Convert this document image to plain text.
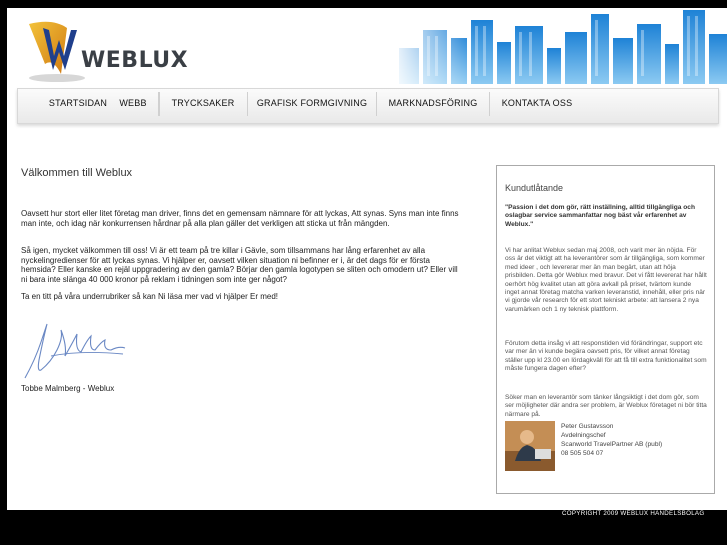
WEBLUX
STARTSIDAN	WEBB	TRYCKSAKER	GRAFISK FORMGIVNING	MARKNADSFÖRING	KONTAKTA OSS
Välkommen till Weblux

Oavsett hur stort eller litet företag man driver, finns det en gemensam nämnare för att lyckas, Att synas. Syns man inte finns man inte, och idag när konkurrensen hårdnar på alla plan gäller det verkligen att sticka ut från mängden.

Så igen, mycket välkommen till oss! Vi är ett team på tre killar i Gävle, som tillsammans har lång erfarenhet av alla nyckelingredienser för att lyckas synas. Vi hjälper er, oavsett vilken situation ni befinner er i, är det dags för er första hemsida? Eller kanske en rejäl uppgradering av den gamla? Börjar den gamla logotypen se sliten och omodern ut? Eller vill ni bara inte slänga 40 000 kronor på reklam i tidningen som inte ger något?

Ta en titt på våra underrubriker så kan Ni läsa mer vad vi hjälper Er med!

Tobbe Malmberg - Weblux
Kundutlåtande

"Passion i det dom gör, rätt inställning, alltid tillgängliga och oslagbar service sammanfattar nog bäst vår erfarenhet av Weblux."

Vi har anlitat Weblux sedan maj 2008, och varit mer än nöjda. För oss är det viktigt att ha leverantörer som är tillgängliga, som kommer med ideer , och levererar mer än man begärt, utan att höja prisbilden. Detta gör Weblux med bravur. Det vi fått levererat har hållt oerhört hög kvalitet utan att göra avkall på priset, tvärtom kunde inget annat företag matcha varken leveranstid, innehåll, eller pris när vi gjorde vår research för ett stort tekniskt arbete: att lansera 2 nya varumärken och 1 ny teknisk plattform.

Förutom detta insåg vi att responstiden vid förändringar, support etc var mer än vi kunde begära oavsett pris, för vilket annat företag ställer upp kl 23.00 en lördagkväll för att få till extra funktionalitet som måste fungera dagen efter?

Söker man en leverantör som tänker långsiktigt i det dom gör, som ser möjligheter där andra ser problem, är Weblux företaget ni bör titta närmare på.

Peter Gustavsson
Avdelningschef
Scanworld TravelPartner AB (publ)
08 505 504 07
COPYRIGHT 2009 WEBLUX HANDELSBOLAG
